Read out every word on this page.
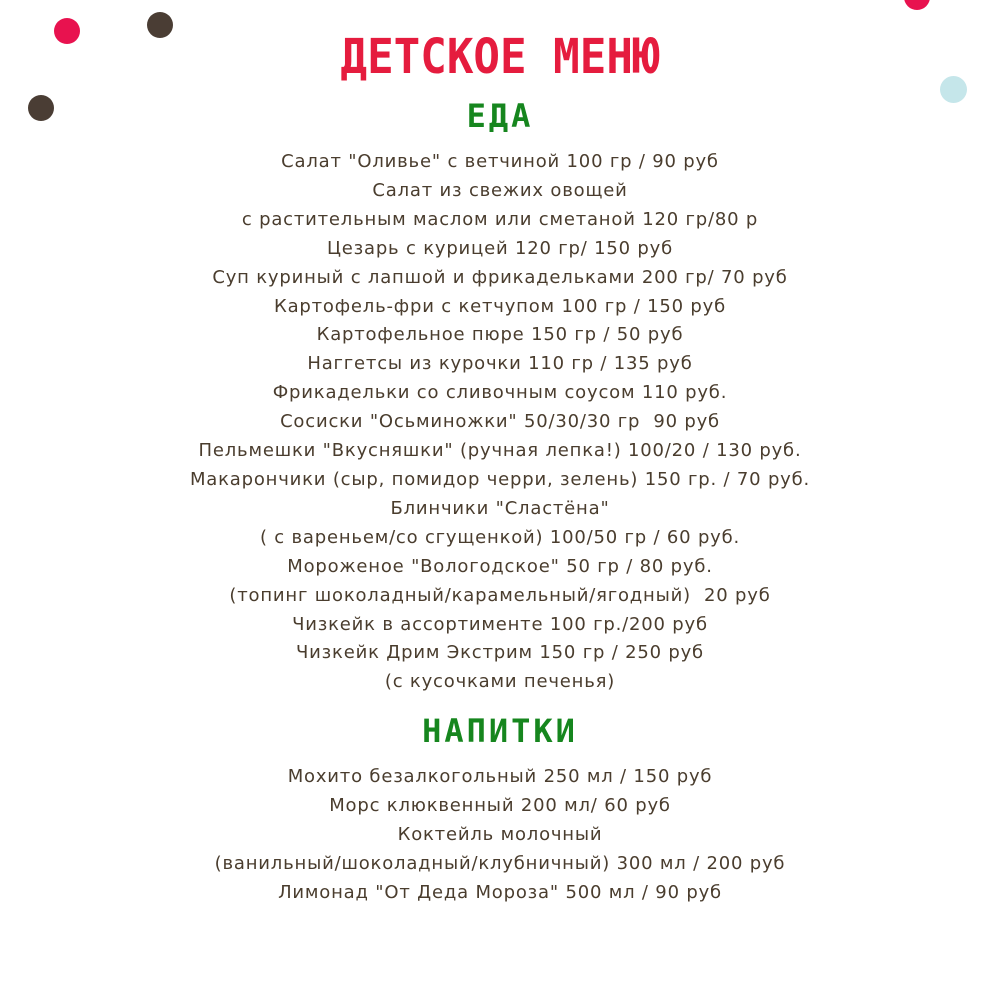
ДЕТСКОЕ МЕНЮ
ЕДА
Салат "Оливье" с ветчиной 100 гр / 90 руб
Салат из свежих овощей
с растительным маслом или сметаной 120 гр/80 р
Цезарь с курицей 120 гр/ 150 руб
Суп куриный с лапшой и фрикадельками 200 гр/ 70 руб
Картофель-фри с кетчупом 100 гр / 150 руб
Картофельное пюре 150 гр / 50 руб
Наггетсы из курочки 110 гр / 135 руб
Фрикадельки со сливочным соусом 110 руб.
Сосиски "Осьминожки" 50/30/30 гр  90 руб
Пельмешки "Вкусняшки" (ручная лепка!) 100/20 / 130 руб.
Макарончики (сыр, помидор черри, зелень) 150 гр. / 70 руб.
Блинчики "Сластёна"
( с вареньем/со сгущенкой) 100/50 гр / 60 руб.
Мороженое "Вологодское" 50 гр / 80 руб.
(топинг шоколадный/карамельный/ягодный)  20 руб
Чизкейк в ассортименте 100 гр./200 руб
Чизкейк Дрим Экстрим 150 гр / 250 руб
(с кусочками печенья)
НАПИТКИ
Мохито безалкогольный 250 мл / 150 руб
Морс клюквенный 200 мл/ 60 руб
Коктейль молочный
(ванильный/шоколадный/клубничный) 300 мл / 200 руб
Лимонад "От Деда Мороза" 500 мл / 90 руб
